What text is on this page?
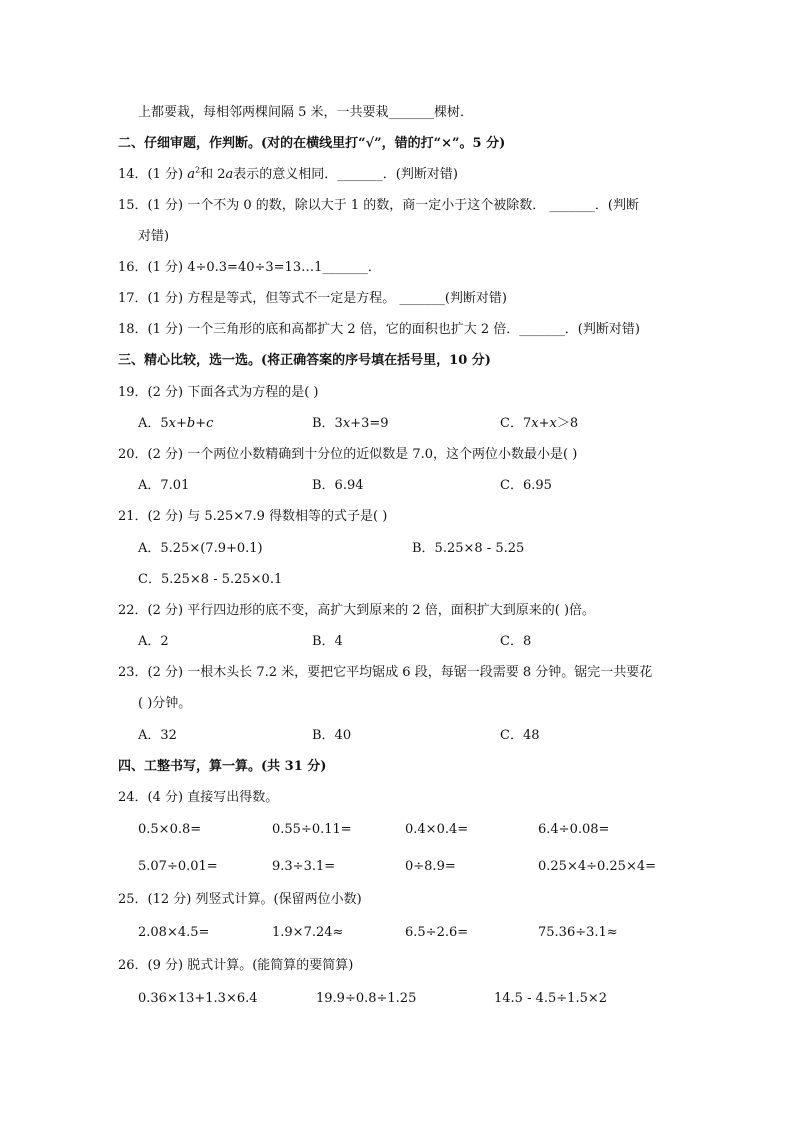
上都要栽，每相邻两棵间隔 5 米，一共要栽_______棵树．
二、仔细审题，作判断。(对的在横线里打“√”，错的打“×”。5 分)
14．(1 分) $a^2$和 2a表示的意义相同．_______．(判断对错)
15．(1 分) 一个不为 0 的数，除以大于 1 的数，商一定小于这个被除数． _______．(判断
对错)
16．(1 分) 4÷0.3=40÷3=13…1_______．
17．(1 分) 方程是等式，但等式不一定是方程。 _______(判断对错)
18．(1 分) 一个三角形的底和高都扩大 2 倍，它的面积也扩大 2 倍．_______．(判断对错)
三、精心比较，选一选。(将正确答案的序号填在括号里，10 分)
19．(2 分) 下面各式为方程的是( )
A．5x+b+c	B．3x+3=9	C．7x+x＞8
20．(2 分) 一个两位小数精确到十分位的近似数是 7.0，这个两位小数最小是( )
A．7.01	B．6.94	C．6.95
21．(2 分) 与 5.25×7.9 得数相等的式子是( )
A．5.25×(7.9+0.1)	B．5.25×8 - 5.25
C．5.25×8 - 5.25×0.1
22．(2 分) 平行四边形的底不变，高扩大到原来的 2 倍，面积扩大到原来的( )倍。
A．2	B．4	C．8
23．(2 分) 一根木头长 7.2 米，要把它平均锯成 6 段，每锯一段需要 8 分钟。锯完一共要花
( )分钟。
A．32	B．40	C．48
四、工整书写，算一算。(共 31 分)
24．(4 分) 直接写出得数。
0.5×0.8=	0.55÷0.11=	0.4×0.4=	6.4÷0.08=
5.07÷0.01=	9.3÷3.1=	0÷8.9=	0.25×4÷0.25×4=
25．(12 分) 列竖式计算。(保留两位小数)
2.08×4.5=	1.9×7.24≈	6.5÷2.6=	75.36÷3.1≈
26．(9 分) 脱式计算。(能简算的要简算)
0.36×13+1.3×6.4	19.9÷0.8÷1.25	14.5 - 4.5÷1.5×2
